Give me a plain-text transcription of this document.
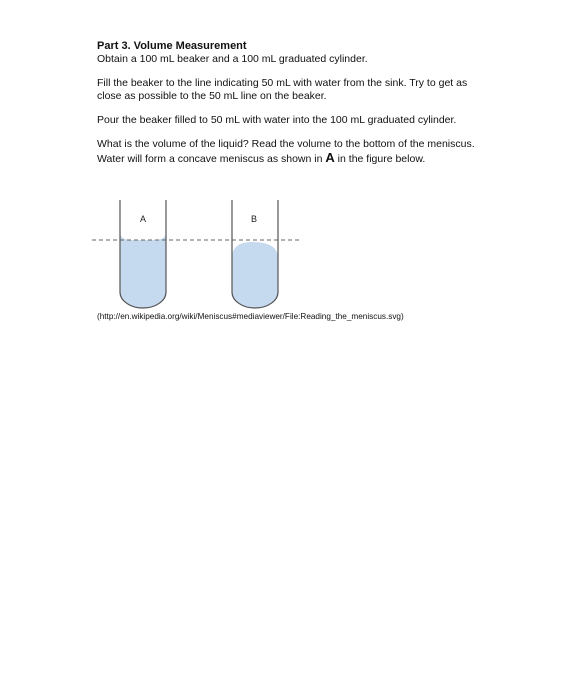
Part 3. Volume Measurement

Obtain a 100 mL beaker and a 100 mL graduated cylinder.

Fill the beaker to the line indicating 50 mL with water from the sink. Try to get as

close as possible to the 50 mL line on the beaker.

Pour the beaker filled to 50 mL with water into the 100 mL graduated cylinder.

What is the volume of the liquid? Read the volume to the bottom of the meniscus.

Water will form a concave meniscus as shown in A in the figure below.

A	B
(http://en.wikipedia.org/wiki/Meniscus#mediaviewer/File:Reading_the_meniscus.svg)
